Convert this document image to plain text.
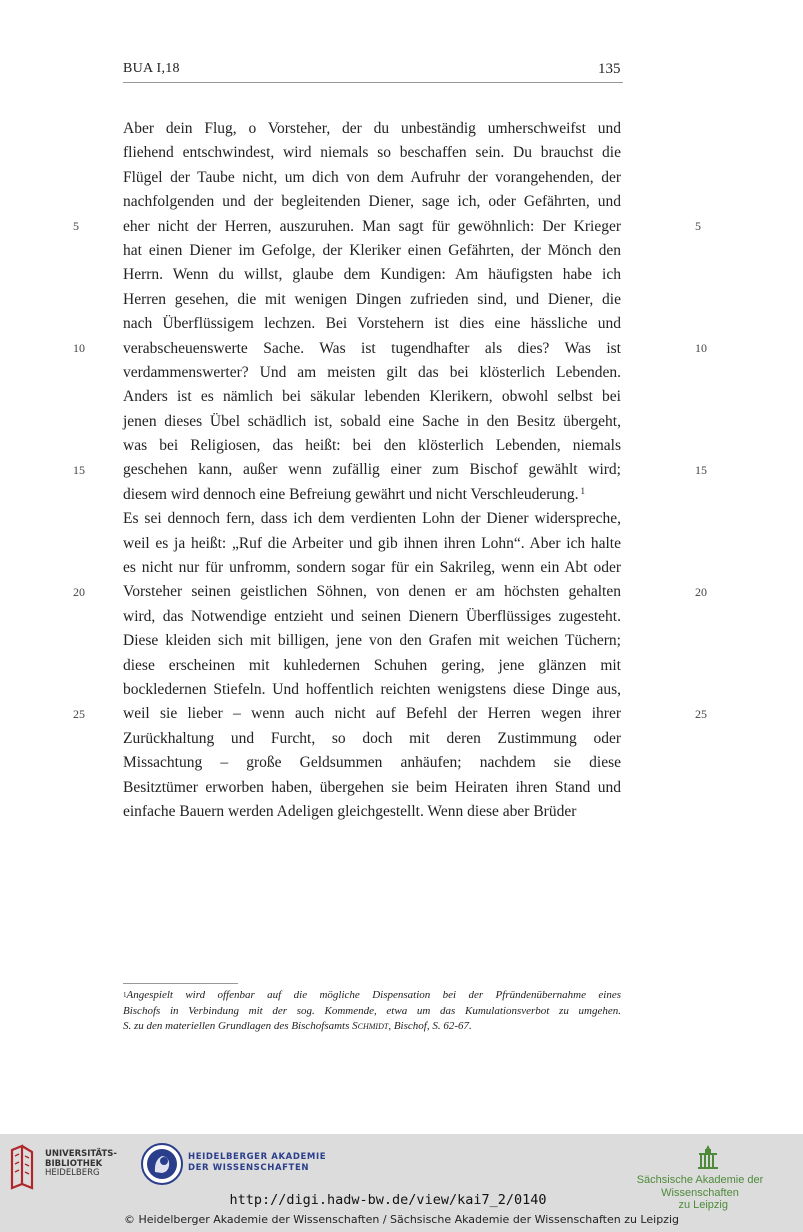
BUA I,18	135
Aber dein Flug, o Vorsteher, der du unbeständig umherschweifst und
fliehend entschwindest, wird niemals so beschaffen sein. Du brauchst die
Flügel der Taube nicht, um dich von dem Aufruhr der vorangehenden, der
nachfolgenden und der begleitenden Diener, sage ich, oder Gefährten, und
eher nicht der Herren, auszuruhen. Man sagt für gewöhnlich: Der Krieger
hat einen Diener im Gefolge, der Kleriker einen Gefährten, der Mönch den
Herrn. Wenn du willst, glaube dem Kundigen: Am häufigsten habe ich
Herren gesehen, die mit wenigen Dingen zufrieden sind, und Diener, die
nach Überflüssigem lechzen. Bei Vorstehern ist dies eine hässliche und
verabscheuenswerte Sache. Was ist tugendhafter als dies? Was ist
verdammenswerter? Und am meisten gilt das bei klösterlich Lebenden.
Anders ist es nämlich bei säkular lebenden Klerikern, obwohl selbst bei
jenen dieses Übel schädlich ist, sobald eine Sache in den Besitz übergeht,
was bei Religiosen, das heißt: bei den klösterlich Lebenden, niemals
geschehen kann, außer wenn zufällig einer zum Bischof gewählt wird;
diesem wird dennoch eine Befreiung gewährt und nicht Verschleuderung. $^1$
Es sei dennoch fern, dass ich dem verdienten Lohn der Diener widerspreche,
weil es ja heißt: „Ruf die Arbeiter und gib ihnen ihren Lohn“. Aber ich halte
es nicht nur für unfromm, sondern sogar für ein Sakrileg, wenn ein Abt oder
Vorsteher seinen geistlichen Söhnen, von denen er am höchsten gehalten
wird, das Notwendige entzieht und seinen Dienern Überflüssiges zugesteht.
Diese kleiden sich mit billigen, jene von den Grafen mit weichen Tüchern;
diese erscheinen mit kuhledernen Schuhen gering, jene glänzen mit
bockledernen Stiefeln. Und hoffentlich reichten wenigstens diese Dinge aus,
weil sie lieber – wenn auch nicht auf Befehl der Herren wegen ihrer
Zurückhaltung und Furcht, so doch mit deren Zustimmung oder
Missachtung – große Geldsummen anhäufen; nachdem sie diese
Besitztümer erworben haben, übergehen sie beim Heiraten ihren Stand und
einfache Bauern werden Adeligen gleichgestellt. Wenn diese aber Brüder
5	5
10	10
15	15
20	20
25	25
$^1$Angespielt wird offenbar auf die mögliche Dispensation bei der Pfründenübernahme eines
Bischofs in Verbindung mit der sog. Kommende, etwa um das Kumulationsverbot zu umgehen.
S. zu den materiellen Grundlagen des Bischofsamts Schmidt, Bischof, S. 62-67.
UNIVERSITÄTS-
BIBLIOTHEK
HEIDELBERG
HEIDELBERGER AKADEMIE
DER WISSENSCHAFTEN
Sächsische Akademie der Wissenschaften
zu Leipzig
http://digi.hadw-bw.de/view/kai7_2/0140
© Heidelberger Akademie der Wissenschaften / Sächsische Akademie der Wissenschaften zu Leipzig
